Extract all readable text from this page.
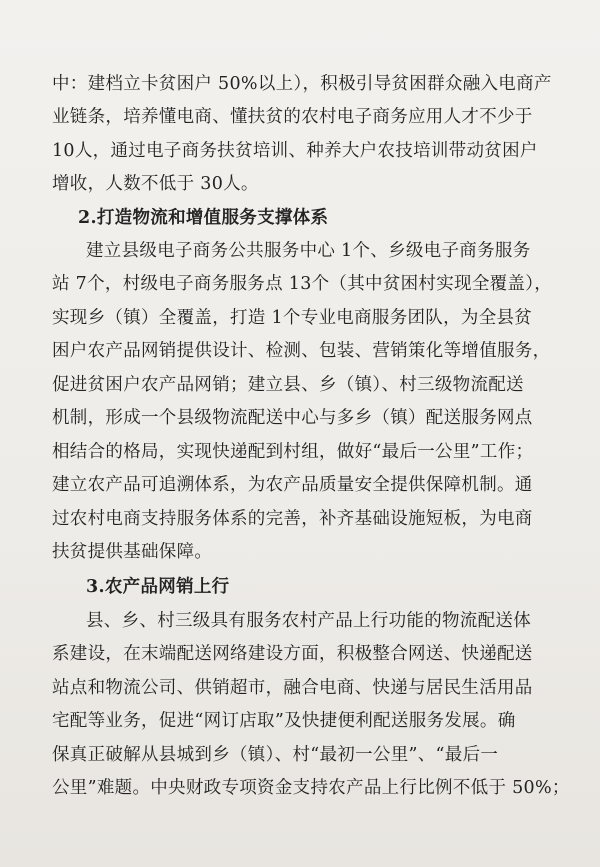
中：建档立卡贫困户 50%以上），积极引导贫困群众融入电商产
业链条，培养懂电商、懂扶贫的农村电子商务应用人才不少于
10人，通过电子商务扶贫培训、种养大户农技培训带动贫困户
增收，人数不低于 30人。
2.打造物流和增值服务支撑体系
建立县级电子商务公共服务中心 1个、乡级电子商务服务
站 7个，村级电子商务服务点 13个（其中贫困村实现全覆盖），
实现乡（镇）全覆盖，打造 1个专业电商服务团队，为全县贫
困户农产品网销提供设计、检测、包装、营销策化等增值服务，
促进贫困户农产品网销；建立县、乡（镇）、村三级物流配送
机制，形成一个县级物流配送中心与多乡（镇）配送服务网点
相结合的格局，实现快递配到村组，做好“最后一公里”工作；
建立农产品可追溯体系，为农产品质量安全提供保障机制。通
过农村电商支持服务体系的完善，补齐基础设施短板，为电商
扶贫提供基础保障。
3.农产品网销上行
县、乡、村三级具有服务农村产品上行功能的物流配送体
系建设，在末端配送网络建设方面，积极整合网送、快递配送
站点和物流公司、供销超市，融合电商、快递与居民生活用品
宅配等业务，促进“网订店取”及快捷便利配送服务发展。确
保真正破解从县城到乡（镇）、村“最初一公里”、“最后一
公里”难题。中央财政专项资金支持农产品上行比例不低于 50%；
